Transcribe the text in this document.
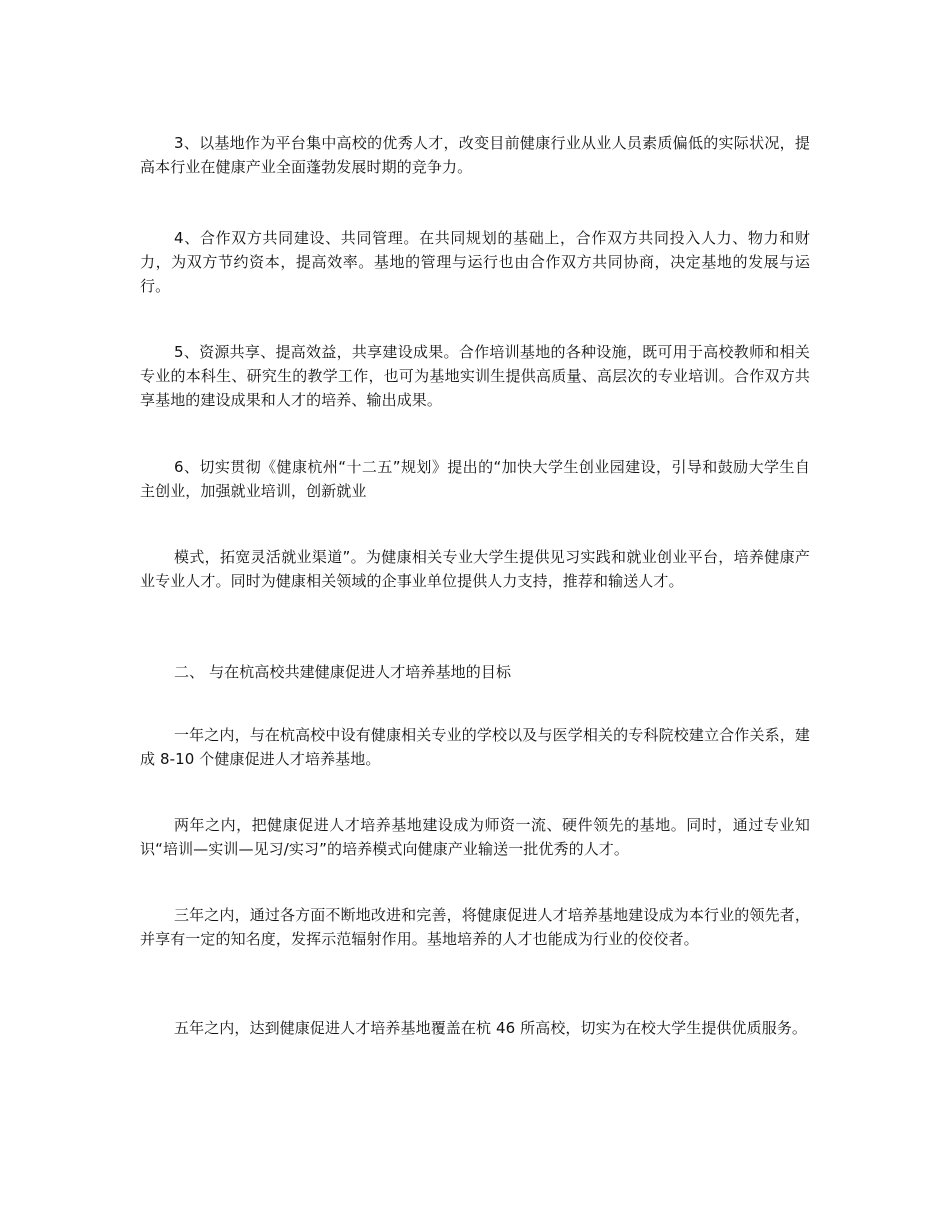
3、以基地作为平台集中高校的优秀人才，改变目前健康行业从业人员素质偏低的实际状况，提高本行业在健康产业全面蓬勃发展时期的竞争力。

4、合作双方共同建设、共同管理。在共同规划的基础上，合作双方共同投入人力、物力和财力，为双方节约资本，提高效率。基地的管理与运行也由合作双方共同协商，决定基地的发展与运行。

5、资源共享、提高效益，共享建设成果。合作培训基地的各种设施，既可用于高校教师和相关专业的本科生、研究生的教学工作，也可为基地实训生提供高质量、高层次的专业培训。合作双方共享基地的建设成果和人才的培养、输出成果。

6、切实贯彻《健康杭州“十二五”规划》提出的“加快大学生创业园建设，引导和鼓励大学生自主创业，加强就业培训，创新就业

模式，拓宽灵活就业渠道”。为健康相关专业大学生提供见习实践和就业创业平台，培养健康产业专业人才。同时为健康相关领域的企事业单位提供人力支持，推荐和输送人才。

二、 与在杭高校共建健康促进人才培养基地的目标

一年之内，与在杭高校中设有健康相关专业的学校以及与医学相关的专科院校建立合作关系，建成 8-10 个健康促进人才培养基地。

两年之内，把健康促进人才培养基地建设成为师资一流、硬件领先的基地。同时，通过专业知识“培训—实训—见习/实习”的培养模式向健康产业输送一批优秀的人才。

三年之内，通过各方面不断地改进和完善，将健康促进人才培养基地建设成为本行业的领先者，并享有一定的知名度，发挥示范辐射作用。基地培养的人才也能成为行业的佼佼者。

五年之内，达到健康促进人才培养基地覆盖在杭 46 所高校，切实为在校大学生提供优质服务。
